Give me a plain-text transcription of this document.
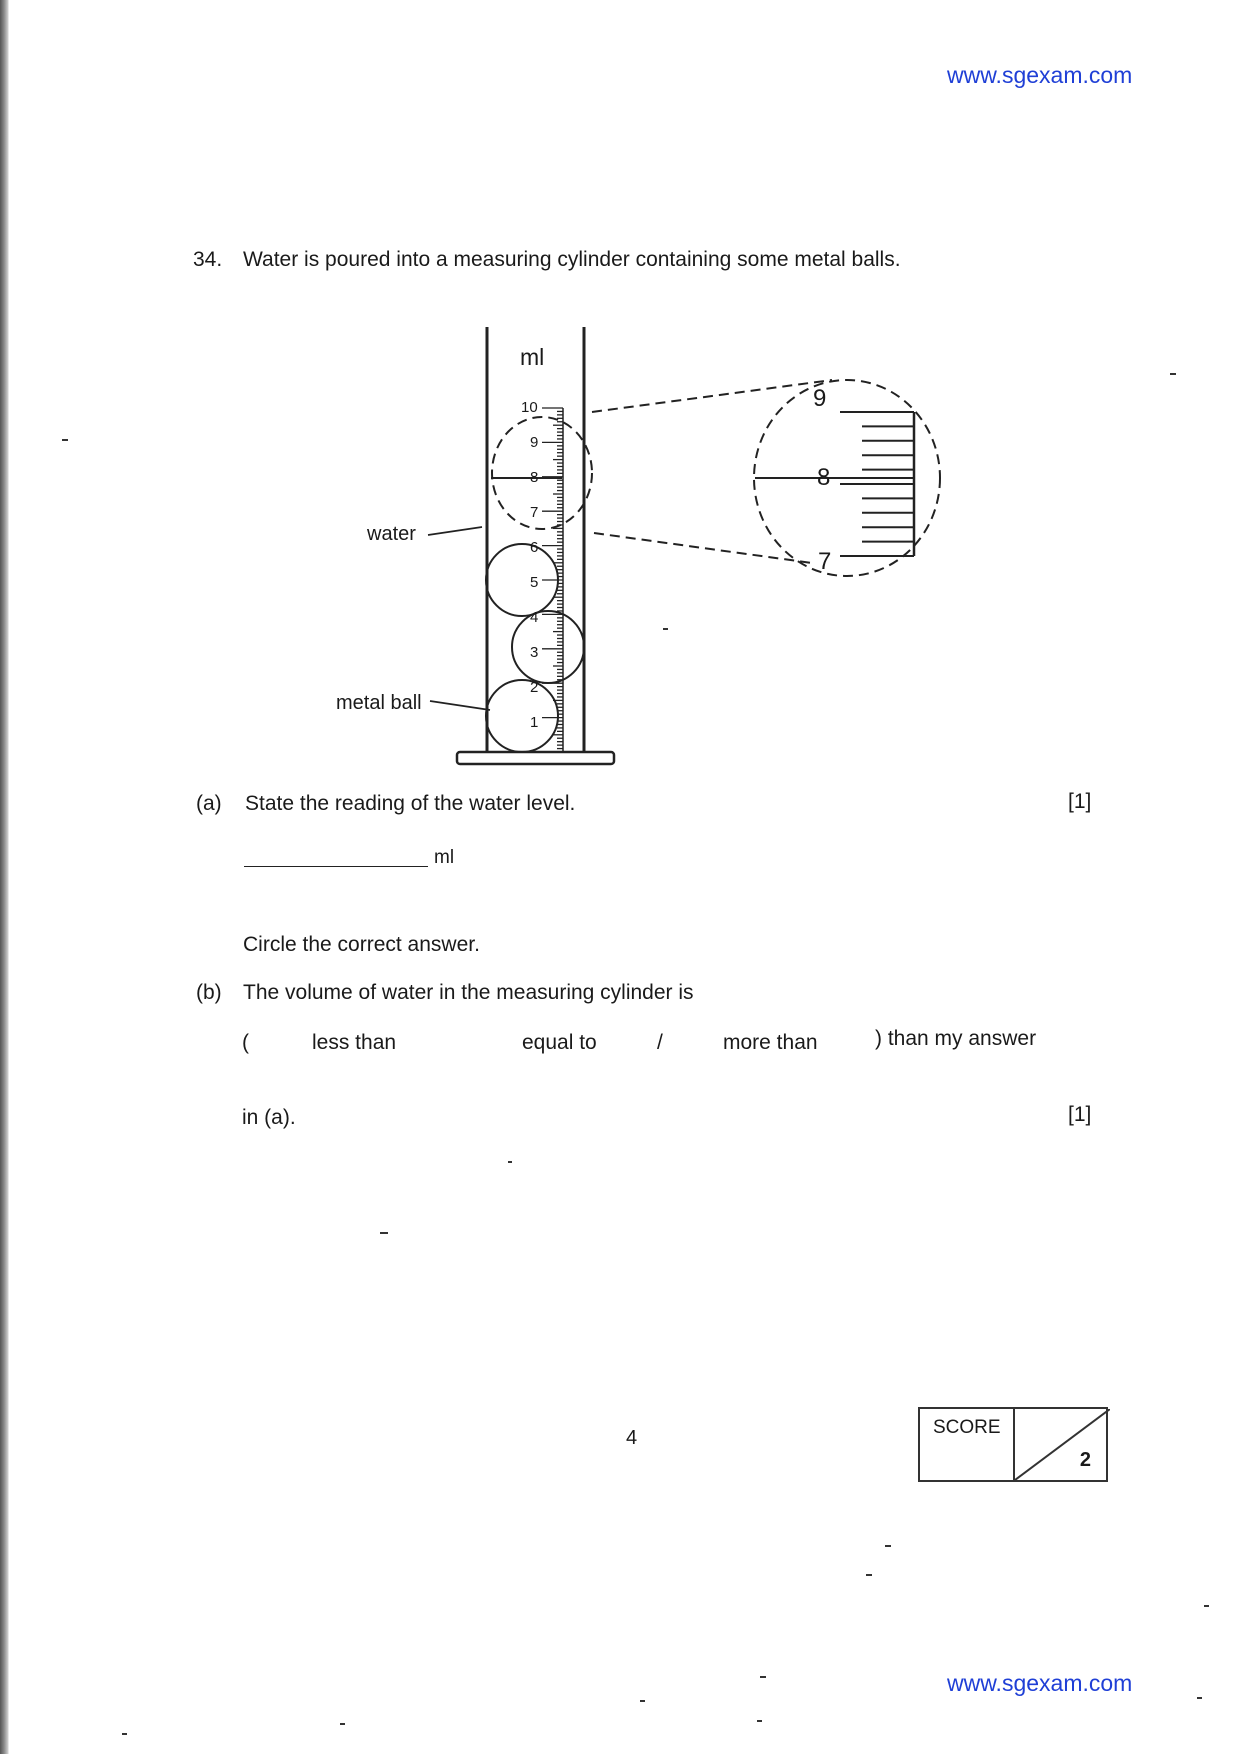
www.sgexam.com
34. Water is poured into a measuring cylinder containing some metal balls.
ml
10
9
8
7
6
5
4
3
2
1
9
8
7
water
metal ball
(a) State the reading of the water level.	[1]
ml
Circle the correct answer.
(b) The volume of water in the measuring cylinder is
(	less than	equal to	/	more than	) than my answer
in (a).	[1]
4	SCORE
2
www.sgexam.com
